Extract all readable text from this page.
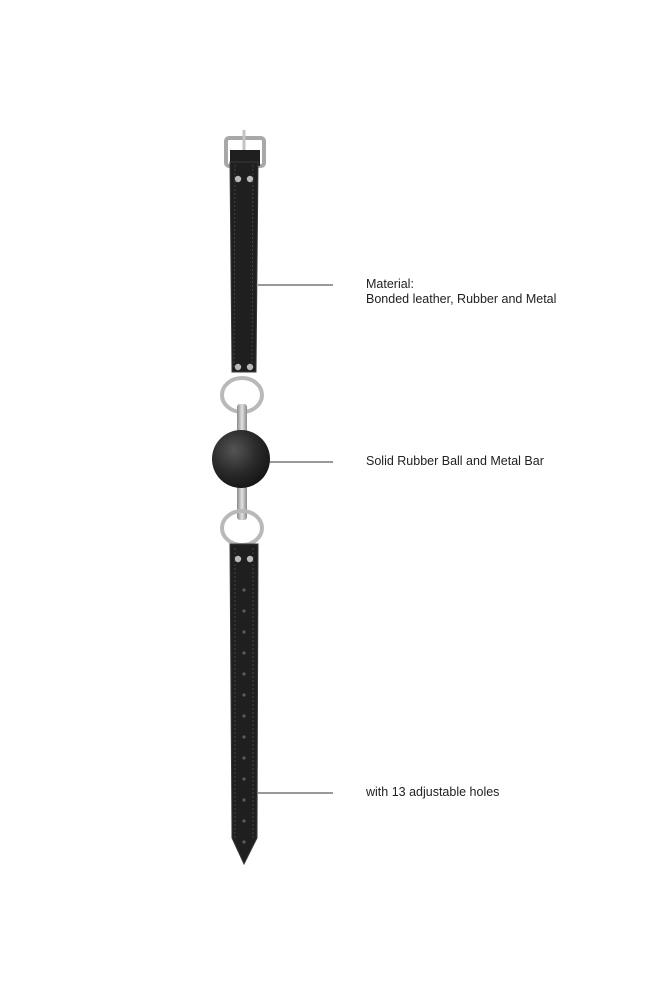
Material:
Bonded leather, Rubber and Metal
Solid Rubber Ball and Metal Bar
with 13 adjustable holes
